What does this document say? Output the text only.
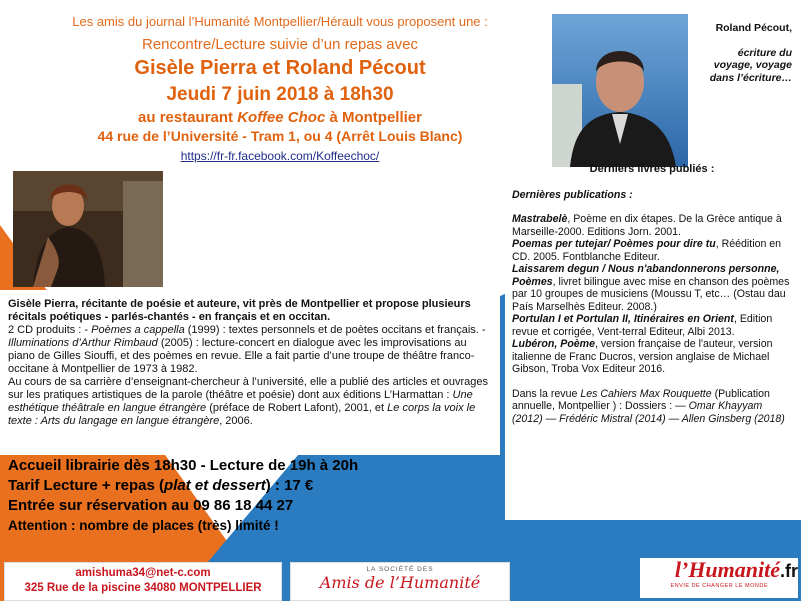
Les amis du journal l’Humanité Montpellier/Hérault vous proposent une :
Rencontre/Lecture suivie d’un repas avec
Gisèle Pierra et Roland Pécout
Jeudi 7 juin 2018 à 18h30
au restaurant Koffee Choc à Montpellier
44 rue de l’Université - Tram 1, ou 4 (Arrêt Louis Blanc)
https://fr-fr.facebook.com/Koffeechoc/
Roland Pécout,
écriture du voyage, voyage dans l’écriture…
Gisèle Pierra, récitante de poésie et auteure, vit près de Montpellier et propose plusieurs récitals poétiques - parlés-chantés - en français et en occitan.
2 CD produits : - Poèmes a cappella (1999) : textes personnels et de poètes occitans et français. - Illuminations d’Arthur Rimbaud (2005) : lecture-concert en dialogue avec les improvisations au piano de Gilles Siouffi, et des poèmes en revue. Elle a fait partie d’une troupe de théâtre franco-occitane à Montpellier de 1973 à 1982.
Au cours de sa carrière d’enseignant-chercheur à l’université, elle a publié des articles et ouvrages sur les pratiques artistiques de la parole (théâtre et poésie) dont aux éditions L’Harmattan : Une esthétique théâtrale en langue étrangère (préface de Robert Lafont), 2001, et Le corps la voix le texte : Arts du langage en langue étrangère, 2006.
Accueil librairie dès 18h30 - Lecture de 19h à 20h
Tarif Lecture + repas (plat et dessert) : 17 €
Entrée sur réservation au 09 86 18 44 27
Attention : nombre de places (très) limité !
Derniers livres publiés :
Dernières publications :
Mastrabelè, Poème en dix étapes. De la Grèce antique à Marseille-2000. Editions Jorn. 2001.
Poemas per tutejar/ Poèmes pour dire tu, Réédition en CD. 2005. Fontblanche Editeur.
Laissarem degun / Nous n'abandonnerons personne, Poèmes, livret bilingue avec mise en chanson des poèmes par 10 groupes de musiciens (Moussu T, etc… (Ostau dau País Marselhès Editeur. 2008.)
Portulan I et Portulan II, Itinéraires en Orient, Edition revue et corrigée, Vent-terral Editeur, Albi 2013.
Lubéron, Poème, version française de l'auteur, version italienne de Franc Ducros, version anglaise de Michael Gibson, Troba Vox Editeur 2016.
Dans la revue Les Cahiers Max Rouquette (Publication annuelle, Montpellier ) : Dossiers : — Omar Khayyam (2012) — Frédéric Mistral (2014) — Allen Ginsberg (2018)
amishuma34@net-c.com
325 Rue de la piscine 34080 MONTPELLIER
LA SOCIÉTÉ DES
Amis de l’Humanité
l’Humanité.fr
ENVIE DE CHANGER LE MONDE
